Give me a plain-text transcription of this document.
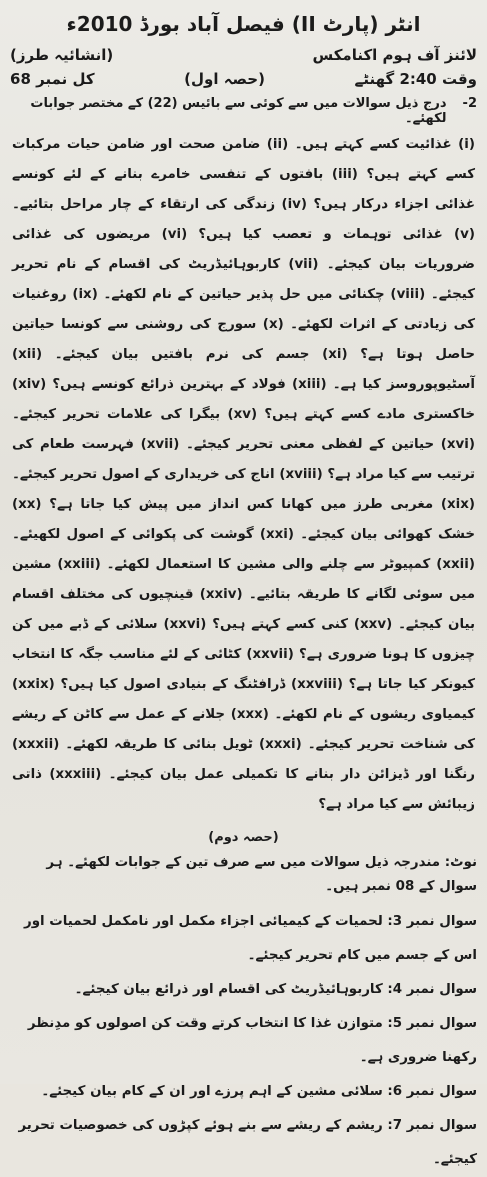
انٹر (پارٹ II) فیصل آباد بورڈ 2010ء
لائنز آف ہوم اکنامکس
(انشائیہ طرز)
وقت 2:40 گھنٹے
(حصہ اول)
کل نمبر 68
2-
درج ذیل سوالات میں سے کوئی سے بائیس (22) کے مختصر جوابات لکھئے۔
(i) غذائیت کسے کہتے ہیں۔ (ii) ضامن صحت اور ضامن حیات مرکبات کسے کہتے ہیں؟ (iii) بافتوں کے تنفسی خامرے بنانے کے لئے کونسے غذائی اجزاء درکار ہیں؟ (iv) زندگی کی ارتقاء کے چار مراحل بتائیے۔ (v) غذائی توہمات و تعصب کیا ہیں؟ (vi) مریضوں کی غذائی ضروریات بیان کیجئے۔ (vii) کاربوہائیڈریٹ کی اقسام کے نام تحریر کیجئے۔ (viii) چکنائی میں حل پذیر حیاتین کے نام لکھئے۔ (ix) روغنیات کی زیادتی کے اثرات لکھئے۔ (x) سورج کی روشنی سے کونسا حیاتین حاصل ہوتا ہے؟ (xi) جسم کی نرم بافتیں بیان کیجئے۔ (xii) آسٹیوپوروسز کیا ہے۔ (xiii) فولاد کے بہترین ذرائع کونسے ہیں؟ (xiv) خاکستری مادے کسے کہتے ہیں؟ (xv) بیگرا کی علامات تحریر کیجئے۔ (xvi) حیاتین کے لفظی معنی تحریر کیجئے۔ (xvii) فہرست طعام کی ترتیب سے کیا مراد ہے؟ (xviii) اناج کی خریداری کے اصول تحریر کیجئے۔ (xix) مغربی طرز میں کھانا کس انداز میں پیش کیا جاتا ہے؟ (xx) خشک کھوائی بیان کیجئے۔ (xxi) گوشت کی پکوائی کے اصول لکھیئے۔ (xxii) کمپیوٹر سے چلنے والی مشین کا استعمال لکھئے۔ (xxiii) مشین میں سوئی لگانے کا طریقہ بتائیے۔ (xxiv) قینچیوں کی مختلف اقسام بیان کیجئے۔ (xxv) کنی کسے کہتے ہیں؟ (xxvi) سلائی کے ڈبے میں کن چیزوں کا ہونا ضروری ہے؟ (xxvii) کٹائی کے لئے مناسب جگہ کا انتخاب کیونکر کیا جاتا ہے؟ (xxviii) ڈرافٹنگ کے بنیادی اصول کیا ہیں؟ (xxix) کیمیاوی ریشوں کے نام لکھئے۔ (xxx) جلانے کے عمل سے کاٹن کے ریشے کی شناخت تحریر کیجئے۔ (xxxi) ٹویل بنائی کا طریقہ لکھئے۔ (xxxii) رنگنا اور ڈیزائن دار بنانے کا تکمیلی عمل بیان کیجئے۔ (xxxiii) ذاتی زیبائش سے کیا مراد ہے؟
(حصہ دوم)
نوٹ: مندرجہ ذیل سوالات میں سے صرف تین کے جوابات لکھئے۔ ہر سوال کے 08 نمبر ہیں۔
سوال نمبر 3: لحمیات کے کیمیائی اجزاء مکمل اور نامکمل لحمیات اور اس کے جسم میں کام تحریر کیجئے۔
سوال نمبر 4: کاربوہائیڈریٹ کی اقسام اور ذرائع بیان کیجئے۔
سوال نمبر 5: متوازن غذا کا انتخاب کرتے وقت کن اصولوں کو مدِنظر رکھنا ضروری ہے۔
سوال نمبر 6: سلائی مشین کے اہم پرزے اور ان کے کام بیان کیجئے۔
سوال نمبر 7: ریشم کے ریشے سے بنے ہوئے کپڑوں کی خصوصیات تحریر کیجئے۔
